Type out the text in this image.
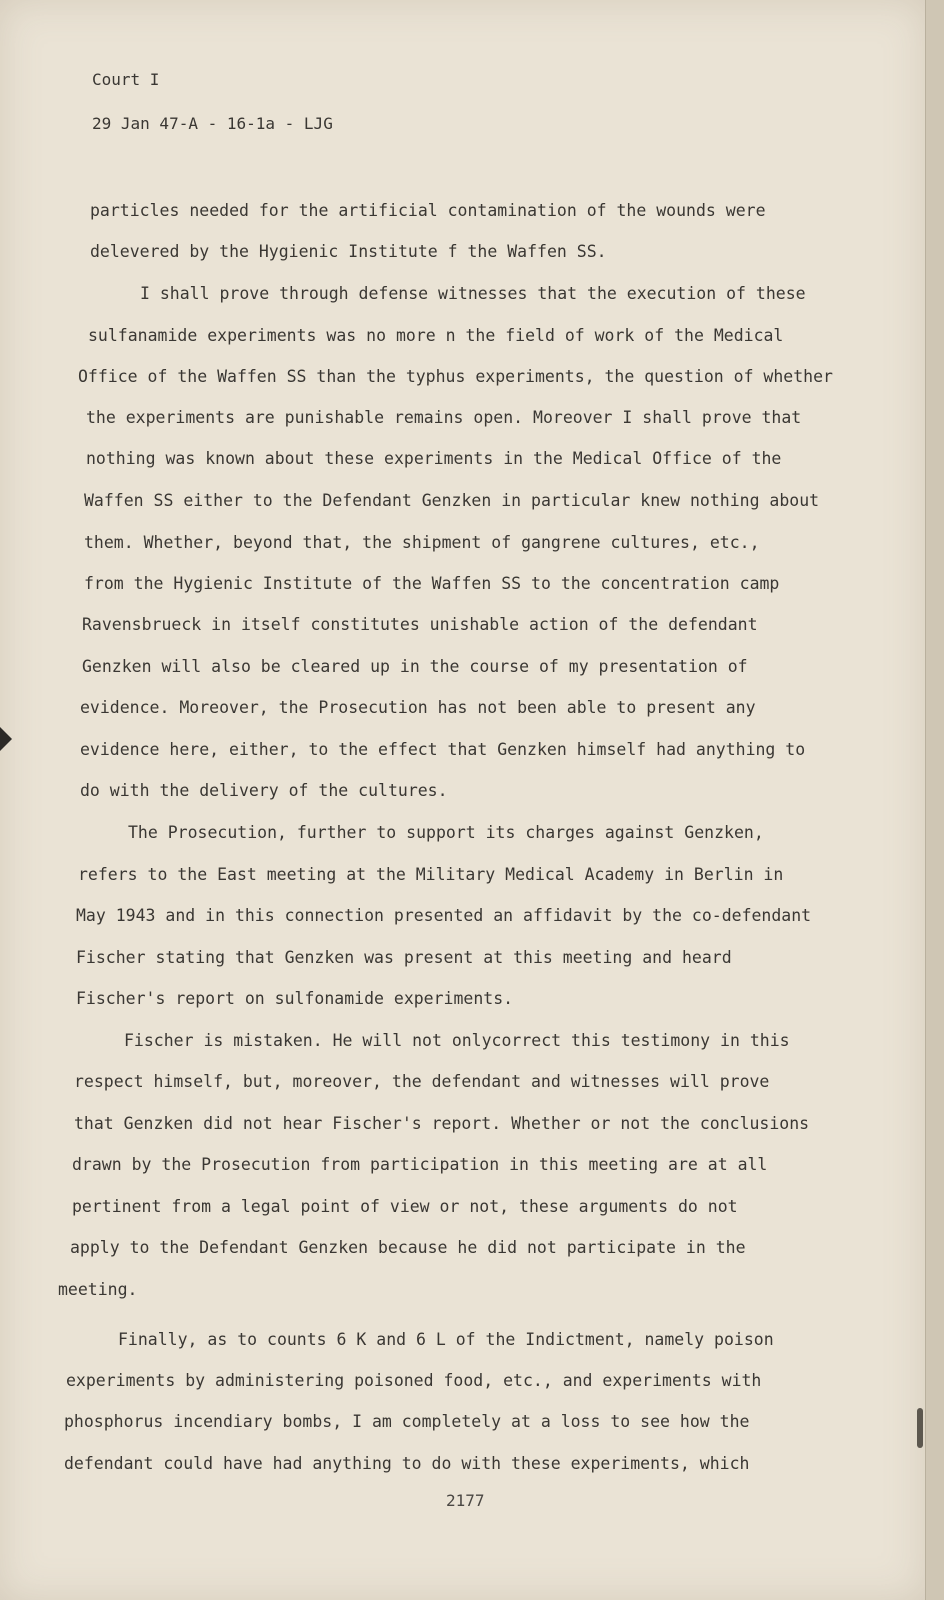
Court I
29 Jan 47-A - 16-1a - LJG
particles needed for the artificial contamination of the wounds were
delevered by the Hygienic Institute f the Waffen SS.
I shall prove through defense witnesses that the execution of these
sulfanamide experiments was no more n the field of work of the Medical
Office of the Waffen SS than the typhus experiments, the question of whether
the experiments are punishable remains open. Moreover I shall prove that
nothing was known about these experiments in the Medical Office of the
Waffen SS either to the Defendant Genzken in particular knew nothing about
them. Whether, beyond that, the shipment of gangrene cultures, etc.,
from the Hygienic Institute of the Waffen SS to the concentration camp
Ravensbrueck in itself constitutes unishable action of the defendant
Genzken will also be cleared up in the course of my presentation of
evidence. Moreover, the Prosecution has not been able to present any
evidence here, either, to the effect that Genzken himself had anything to
do with the delivery of the cultures.
The Prosecution, further to support its charges against Genzken,
refers to the East meeting at the Military Medical Academy in Berlin in
May 1943 and in this connection presented an affidavit by the co-defendant
Fischer stating that Genzken was present at this meeting and heard
Fischer's report on sulfonamide experiments.
Fischer is mistaken. He will not onlycorrect this testimony in this
respect himself, but, moreover, the defendant and witnesses will prove
that Genzken did not hear Fischer's report. Whether or not the conclusions
drawn by the Prosecution from participation in this meeting are at all
pertinent from a legal point of view or not, these arguments do not
apply to the Defendant Genzken because he did not participate in the
meeting.
Finally, as to counts 6 K and 6 L of the Indictment, namely poison
experiments by administering poisoned food, etc., and experiments with
phosphorus incendiary bombs, I am completely at a loss to see how the
defendant could have had anything to do with these experiments, which
2177
